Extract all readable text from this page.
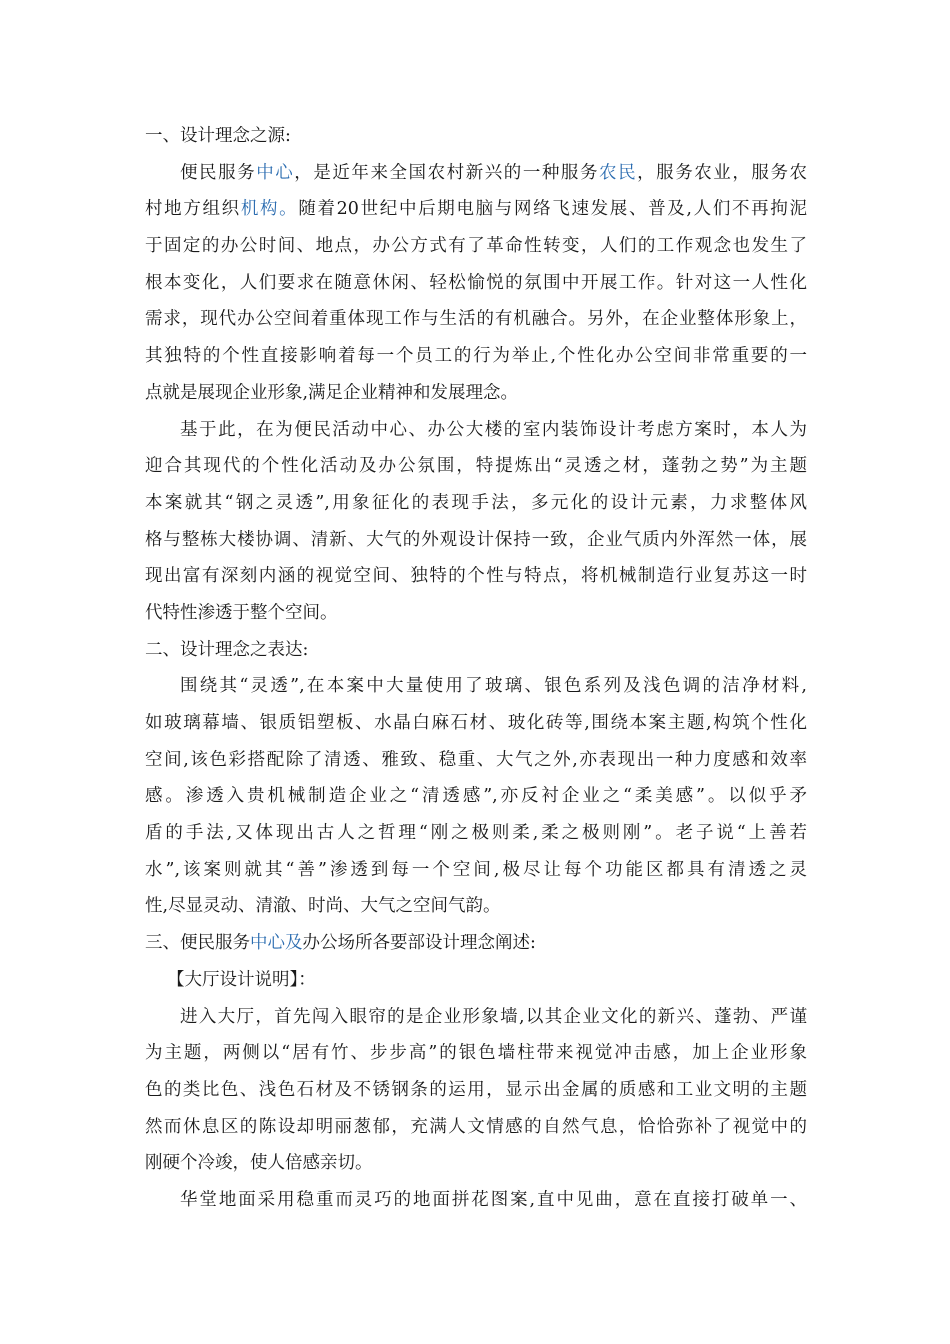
一、设计理念之源:
便民服务中心，是近年来全国农村新兴的一种服务农民，服务农业，服务农
村地方组织机构。随着20世纪中后期电脑与网络飞速发展、普及,人们不再拘泥
于固定的办公时间、地点，办公方式有了革命性转变，人们的工作观念也发生了
根本变化，人们要求在随意休闲、轻松愉悦的氛围中开展工作。针对这一人性化
需求，现代办公空间着重体现工作与生活的有机融合。另外，在企业整体形象上，
其独特的个性直接影响着每一个员工的行为举止,个性化办公空间非常重要的一
点就是展现企业形象,满足企业精神和发展理念。
基于此，在为便民活动中心、办公大楼的室内装饰设计考虑方案时，本人为
迎合其现代的个性化活动及办公氛围，特提炼出“灵透之材，蓬勃之势”为主题
本案就其“钢之灵透”,用象征化的表现手法，多元化的设计元素，力求整体风
格与整栋大楼协调、清新、大气的外观设计保持一致，企业气质内外浑然一体，展
现出富有深刻内涵的视觉空间、独特的个性与特点，将机械制造行业复苏这一时
代特性渗透于整个空间。
二、设计理念之表达:
围绕其“灵透”,在本案中大量使用了玻璃、银色系列及浅色调的洁净材料,
如玻璃幕墙、银质铝塑板、水晶白麻石材、玻化砖等,围绕本案主题,构筑个性化
空间,该色彩搭配除了清透、雅致、稳重、大气之外,亦表现出一种力度感和效率
感。渗透入贵机械制造企业之“清透感”,亦反衬企业之“柔美感”。以似乎矛
盾的手法,又体现出古人之哲理“刚之极则柔,柔之极则刚”。老子说“上善若
水”,该案则就其“善”渗透到每一个空间,极尽让每个功能区都具有清透之灵
性,尽显灵动、清澈、时尚、大气之空间气韵。
三、便民服务中心及办公场所各要部设计理念阐述:
【大厅设计说明】：
进入大厅，首先闯入眼帘的是企业形象墙,以其企业文化的新兴、蓬勃、严谨
为主题，两侧以“居有竹、步步高”的银色墙柱带来视觉冲击感，加上企业形象
色的类比色、浅色石材及不锈钢条的运用，显示出金属的质感和工业文明的主题
然而休息区的陈设却明丽葱郁，充满人文情感的自然气息，恰恰弥补了视觉中的
刚硬个冷竣，使人倍感亲切。
华堂地面采用稳重而灵巧的地面拼花图案,直中见曲，意在直接打破单一、
